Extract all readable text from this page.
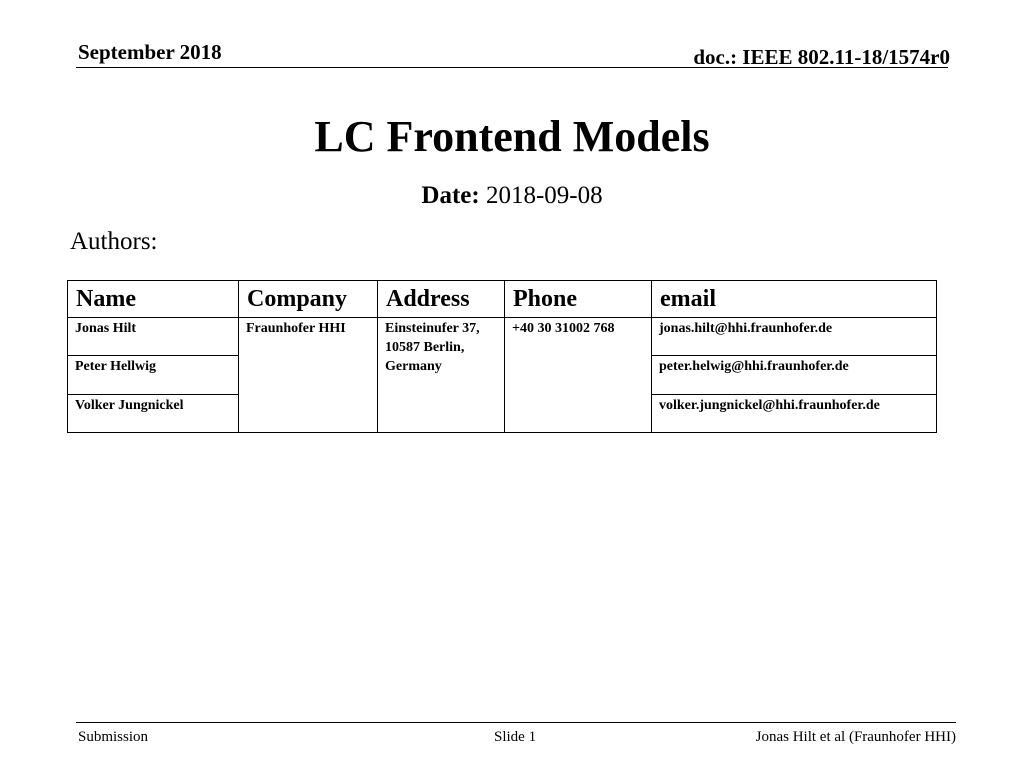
September 2018	doc.: IEEE 802.11-18/1574r0
LC Frontend Models
Date: 2018-09-08
Authors:
Name	Company	Address	Phone	email
Jonas Hilt	Fraunhofer HHI	Einsteinufer 37, 10587 Berlin, Germany	+40 30 31002 768	jonas.hilt@hhi.fraunhofer.de
Peter Hellwig				peter.helwig@hhi.fraunhofer.de
Volker Jungnickel				volker.jungnickel@hhi.fraunhofer.de
Submission	Slide 1	Jonas Hilt et al (Fraunhofer HHI)
